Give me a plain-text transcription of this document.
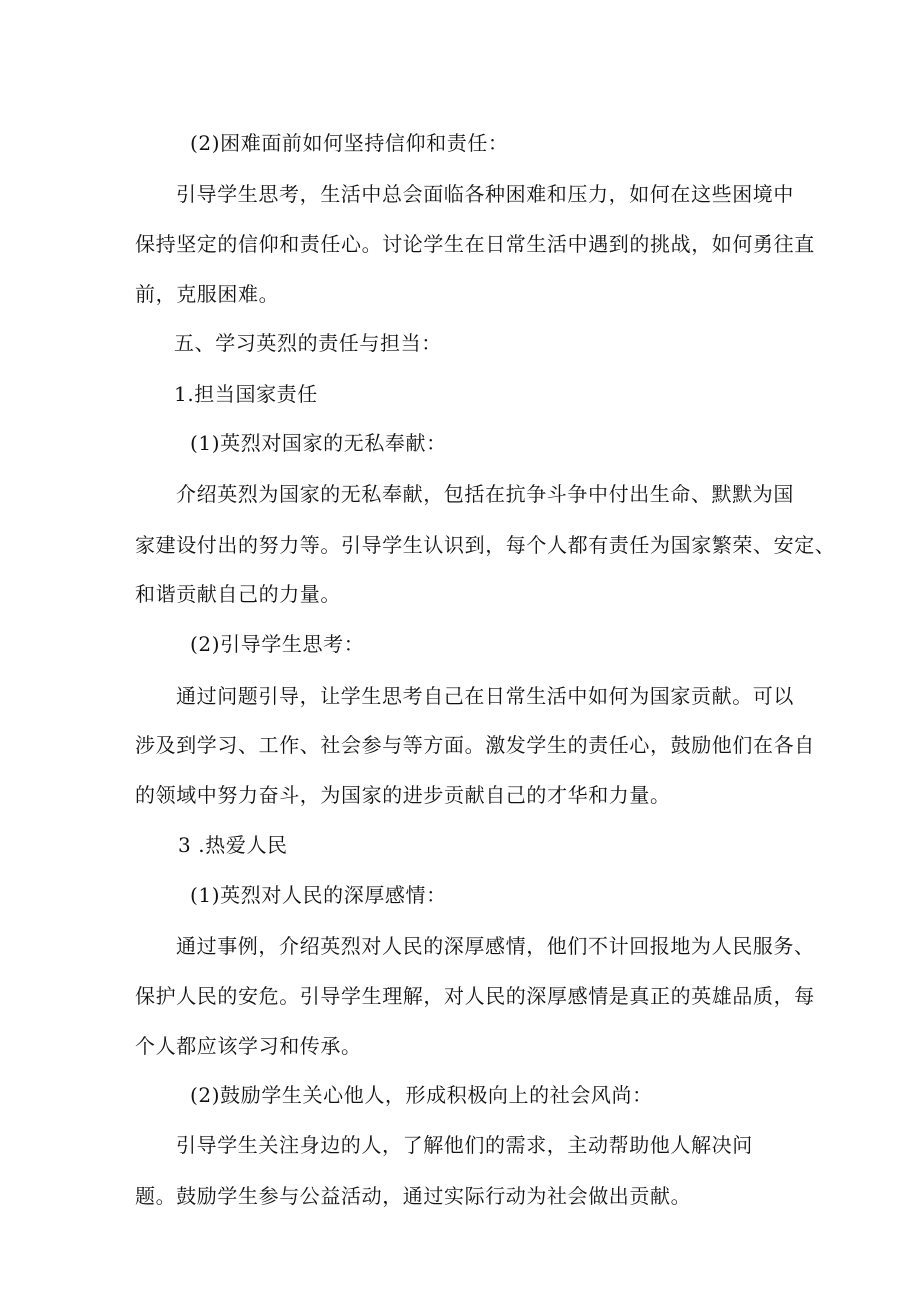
(2)困难面前如何坚持信仰和责任：
引导学生思考，生活中总会面临各种困难和压力，如何在这些困境中
保持坚定的信仰和责任心。讨论学生在日常生活中遇到的挑战，如何勇往直
前，克服困难。
五、学习英烈的责任与担当：
1.担当国家责任
(1)英烈对国家的无私奉献：
介绍英烈为国家的无私奉献，包括在抗争斗争中付出生命、默默为国
家建设付出的努力等。引导学生认识到，每个人都有责任为国家繁荣、安定、
和谐贡献自己的力量。
(2)引导学生思考：
通过问题引导，让学生思考自己在日常生活中如何为国家贡献。可以
涉及到学习、工作、社会参与等方面。激发学生的责任心，鼓励他们在各自
的领域中努力奋斗，为国家的进步贡献自己的才华和力量。
3 .热爱人民
(1)英烈对人民的深厚感情：
通过事例，介绍英烈对人民的深厚感情，他们不计回报地为人民服务、
保护人民的安危。引导学生理解，对人民的深厚感情是真正的英雄品质，每
个人都应该学习和传承。
(2)鼓励学生关心他人，形成积极向上的社会风尚：
引导学生关注身边的人，了解他们的需求，主动帮助他人解决问
题。鼓励学生参与公益活动，通过实际行动为社会做出贡献。
